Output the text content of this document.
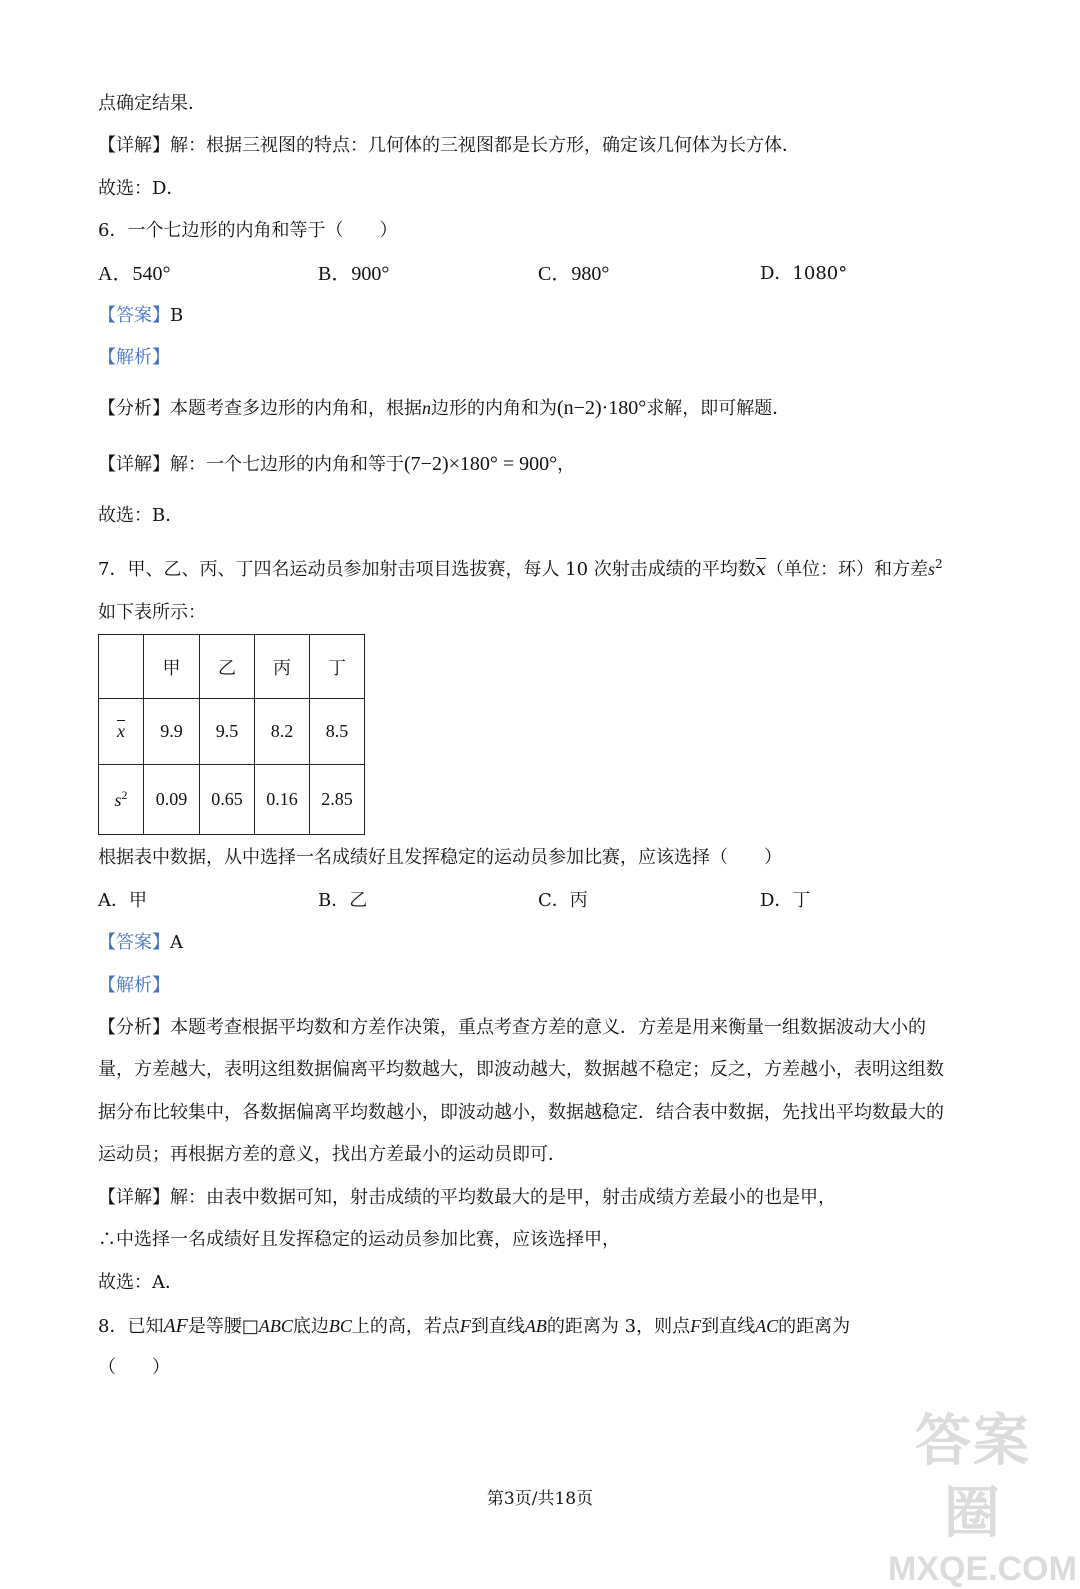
点确定结果．
【详解】解：根据三视图的特点：几何体的三视图都是长方形，确定该几何体为长方体．
故选：D．
6．一个七边形的内角和等于（　　）
A．540°	B．900°	C．980°	D．1080°
【答案】B
【解析】
【分析】本题考查多边形的内角和，根据n边形的内角和为(n−2)·180°求解，即可解题．
【详解】解：一个七边形的内角和等于(7−2)×180° = 900°，
故选：B．
7．甲、乙、丙、丁四名运动员参加射击项目选拔赛，每人 10 次射击成绩的平均数$\overline{x}$（单位：环）和方差$s^2$
如下表所示：
	甲	乙	丙	丁
$\overline{x}$	9.9	9.5	8.2	8.5
$s^2$	0.09	0.65	0.16	2.85
根据表中数据，从中选择一名成绩好且发挥稳定的运动员参加比赛，应该选择（　　）
A．甲	B．乙	C．丙	D．丁
【答案】A
【解析】
【分析】本题考查根据平均数和方差作决策，重点考查方差的意义．方差是用来衡量一组数据波动大小的
量，方差越大，表明这组数据偏离平均数越大，即波动越大，数据越不稳定；反之，方差越小，表明这组数
据分布比较集中，各数据偏离平均数越小，即波动越小，数据越稳定．结合表中数据，先找出平均数最大的
运动员；再根据方差的意义，找出方差最小的运动员即可．
【详解】解：由表中数据可知，射击成绩的平均数最大的是甲，射击成绩方差最小的也是甲，
∴中选择一名成绩好且发挥稳定的运动员参加比赛，应该选择甲，
故选：A．
8．已知AF是等腰□ABC底边BC上的高，若点F到直线AB的距离为 3，则点F到直线AC的距离为
（　　）
第3页/共18页
答案圈
MXQE.COM
